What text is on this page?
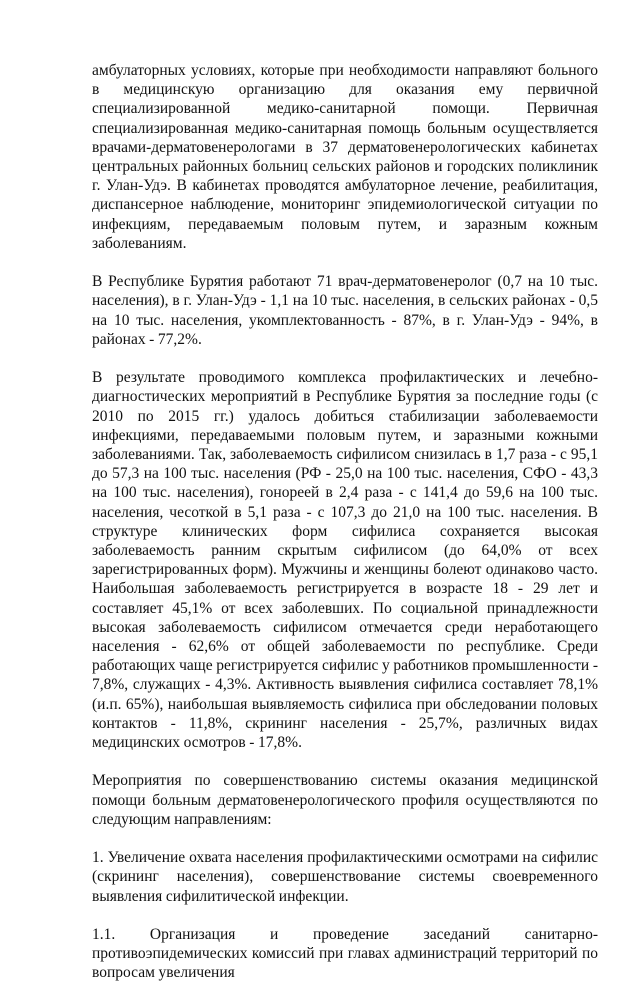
амбулаторных условиях, которые при необходимости направляют больного в медицинскую организацию для оказания ему первичной специализированной медико-санитарной помощи. Первичная специализированная медико-санитарная помощь больным осуществляется врачами-дерматовенерологами в 37 дерматовенерологических кабинетах центральных районных больниц сельских районов и городских поликлиник г. Улан-Удэ. В кабинетах проводятся амбулаторное лечение, реабилитация, диспансерное наблюдение, мониторинг эпидемиологической ситуации по инфекциям, передаваемым половым путем, и заразным кожным заболеваниям.

В Республике Бурятия работают 71 врач-дерматовенеролог (0,7 на 10 тыс. населения), в г. Улан-Удэ - 1,1 на 10 тыс. населения, в сельских районах - 0,5 на 10 тыс. населения, укомплектованность - 87%, в г. Улан-Удэ - 94%, в районах - 77,2%.

В результате проводимого комплекса профилактических и лечебно-диагностических мероприятий в Республике Бурятия за последние годы (с 2010 по 2015 гг.) удалось добиться стабилизации заболеваемости инфекциями, передаваемыми половым путем, и заразными кожными заболеваниями. Так, заболеваемость сифилисом снизилась в 1,7 раза - с 95,1 до 57,3 на 100 тыс. населения (РФ - 25,0 на 100 тыс. населения, СФО - 43,3 на 100 тыс. населения), гонореей в 2,4 раза - с 141,4 до 59,6 на 100 тыс. населения, чесоткой в 5,1 раза - с 107,3 до 21,0 на 100 тыс. населения. В структуре клинических форм сифилиса сохраняется высокая заболеваемость ранним скрытым сифилисом (до 64,0% от всех зарегистрированных форм). Мужчины и женщины болеют одинаково часто. Наибольшая заболеваемость регистрируется в возрасте 18 - 29 лет и составляет 45,1% от всех заболевших. По социальной принадлежности высокая заболеваемость сифилисом отмечается среди неработающего населения - 62,6% от общей заболеваемости по республике. Среди работающих чаще регистрируется сифилис у работников промышленности - 7,8%, служащих - 4,3%. Активность выявления сифилиса составляет 78,1% (и.п. 65%), наибольшая выявляемость сифилиса при обследовании половых контактов - 11,8%, скрининг населения - 25,7%, различных видах медицинских осмотров - 17,8%.

Мероприятия по совершенствованию системы оказания медицинской помощи больным дерматовенерологического профиля осуществляются по следующим направлениям:

1. Увеличение охвата населения профилактическими осмотрами на сифилис (скрининг населения), совершенствование системы своевременного выявления сифилитической инфекции.

1.1. Организация и проведение заседаний санитарно-противоэпидемических комиссий при главах администраций территорий по вопросам увеличения
